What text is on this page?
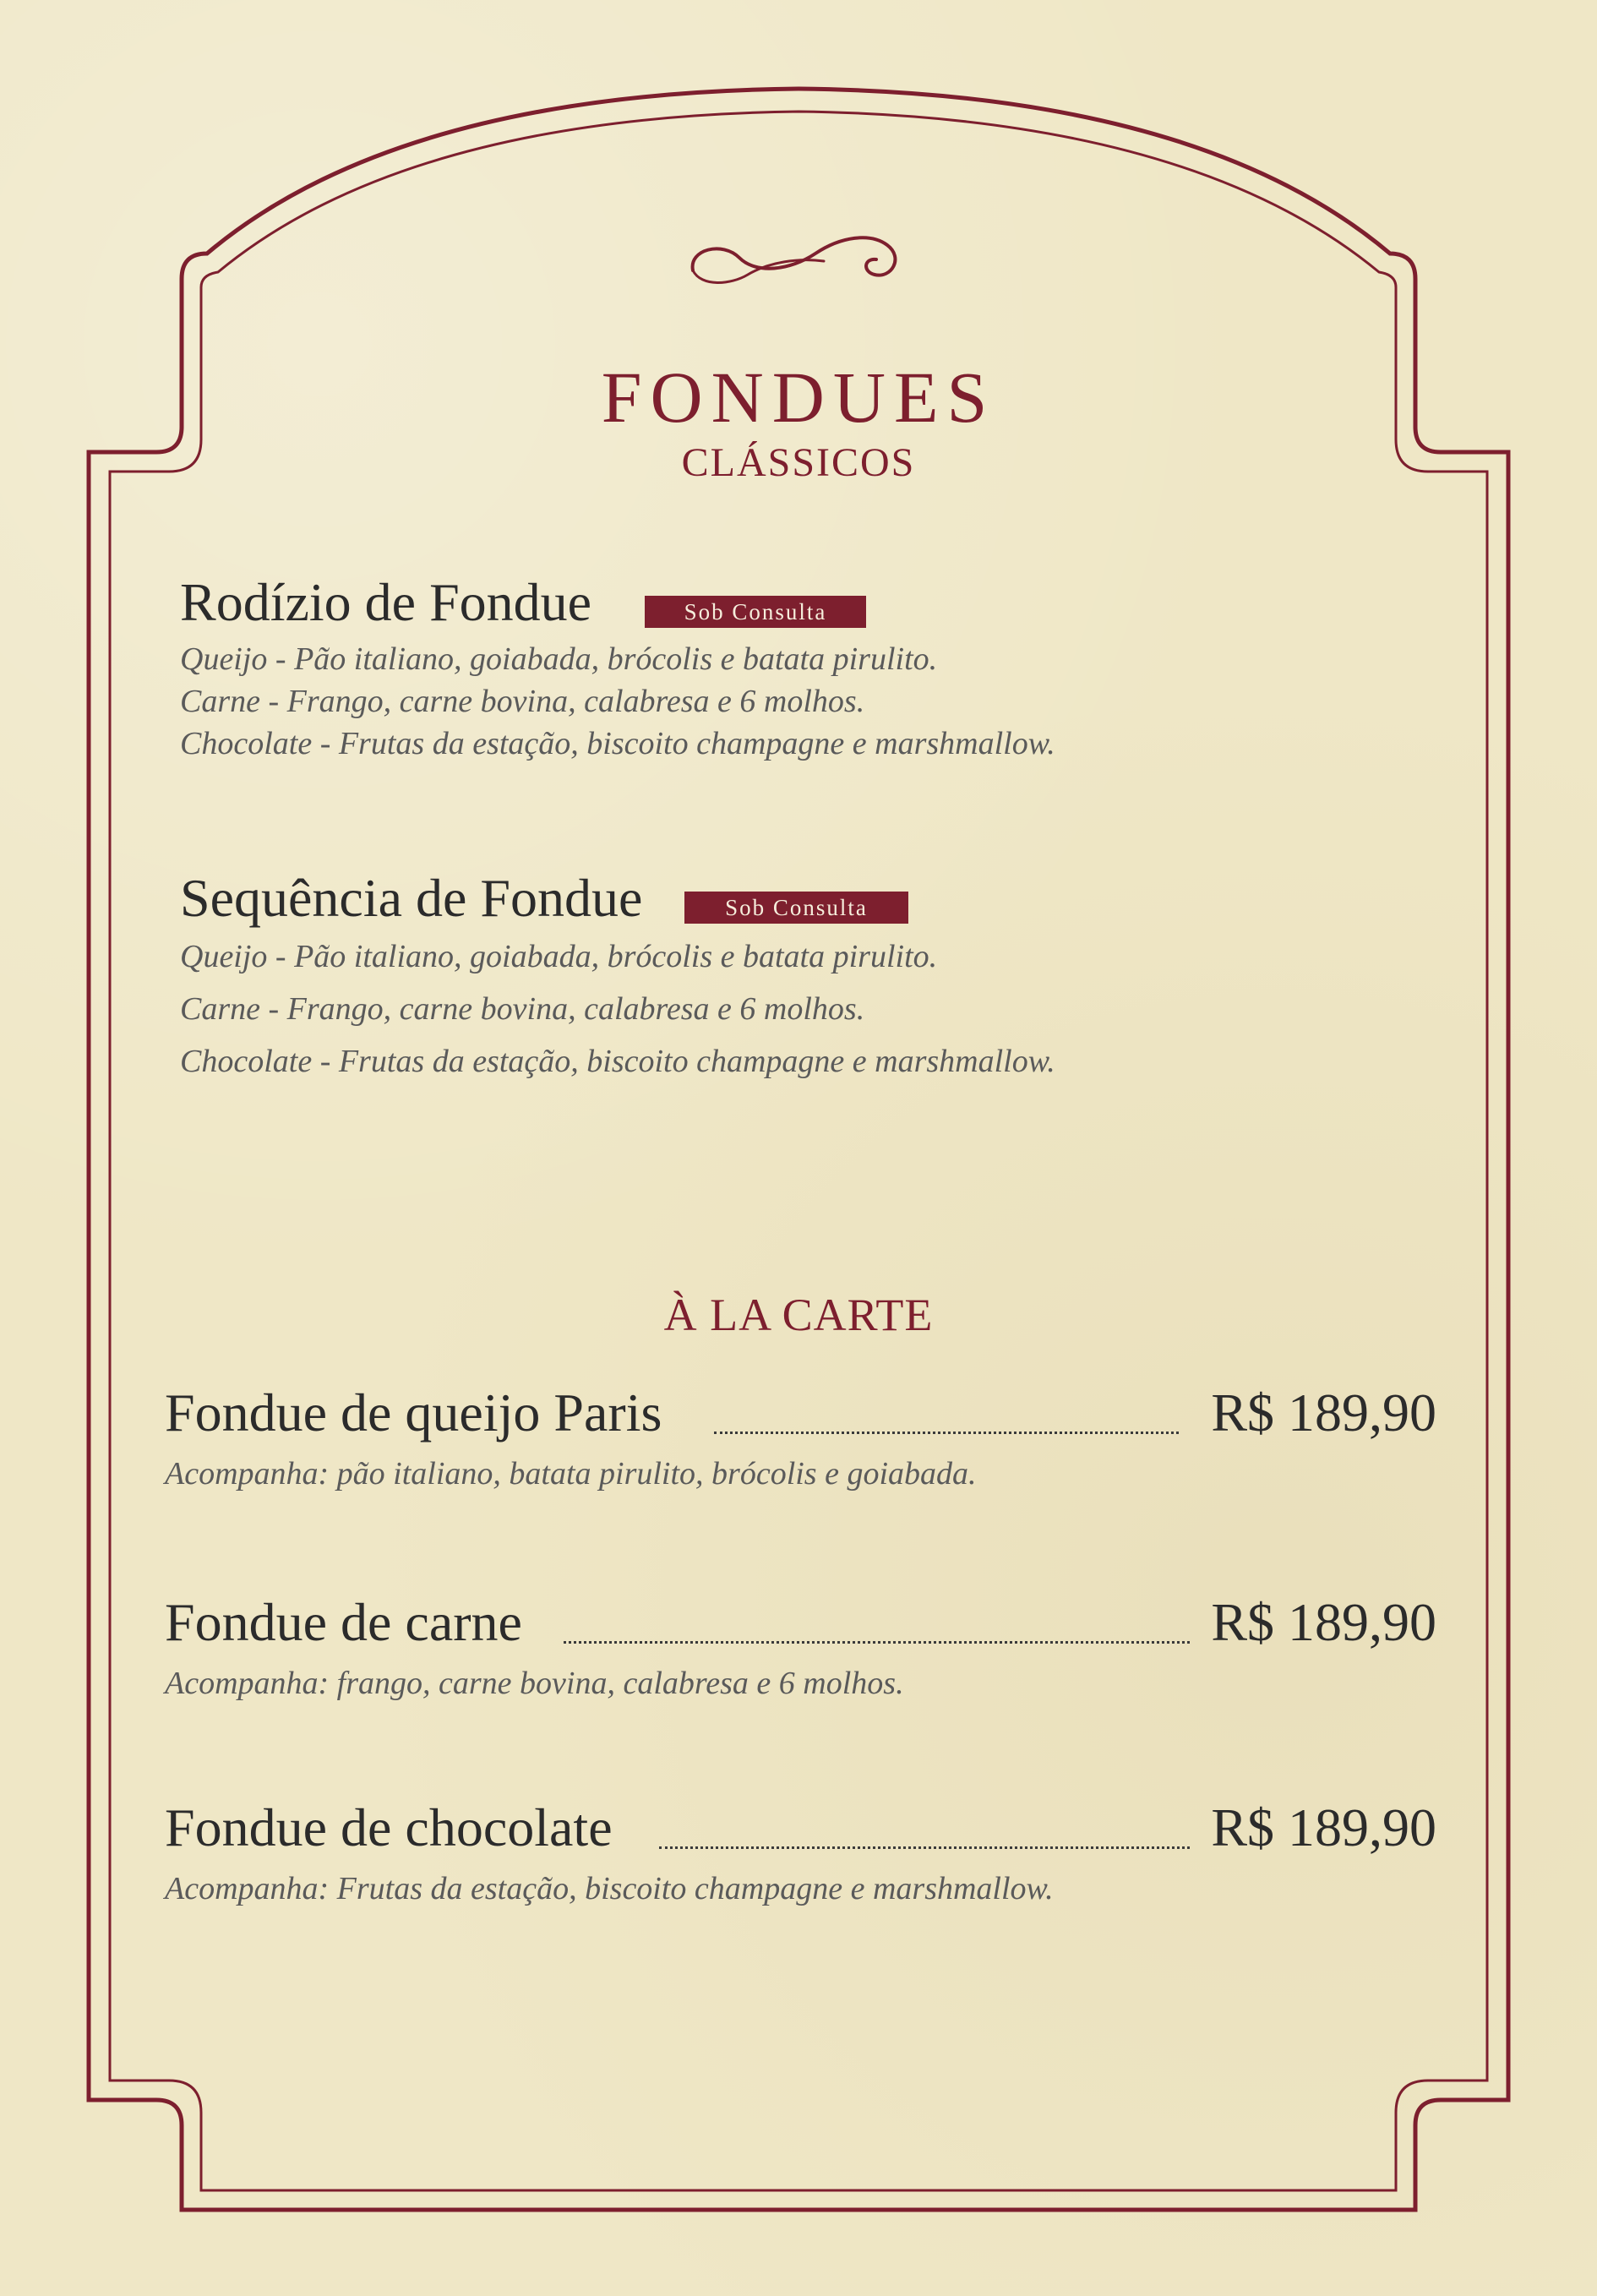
FONDUES
CLÁSSICOS
Rodízio de Fondue	Sob Consulta
Queijo - Pão italiano, goiabada, brócolis e batata pirulito.
Carne - Frango, carne bovina, calabresa e 6 molhos.
Chocolate - Frutas da estação, biscoito champagne e marshmallow.
Sequência de Fondue	Sob Consulta
Queijo - Pão italiano, goiabada, brócolis e batata pirulito.
Carne - Frango, carne bovina, calabresa e 6 molhos.
Chocolate - Frutas da estação, biscoito champagne e marshmallow.
À LA CARTE
Fondue de queijo Paris	R$ 189,90
Acompanha: pão italiano, batata pirulito, brócolis e goiabada.
Fondue de carne	R$ 189,90
Acompanha: frango, carne bovina, calabresa e 6 molhos.
Fondue de chocolate	R$ 189,90
Acompanha: Frutas da estação, biscoito champagne e marshmallow.
